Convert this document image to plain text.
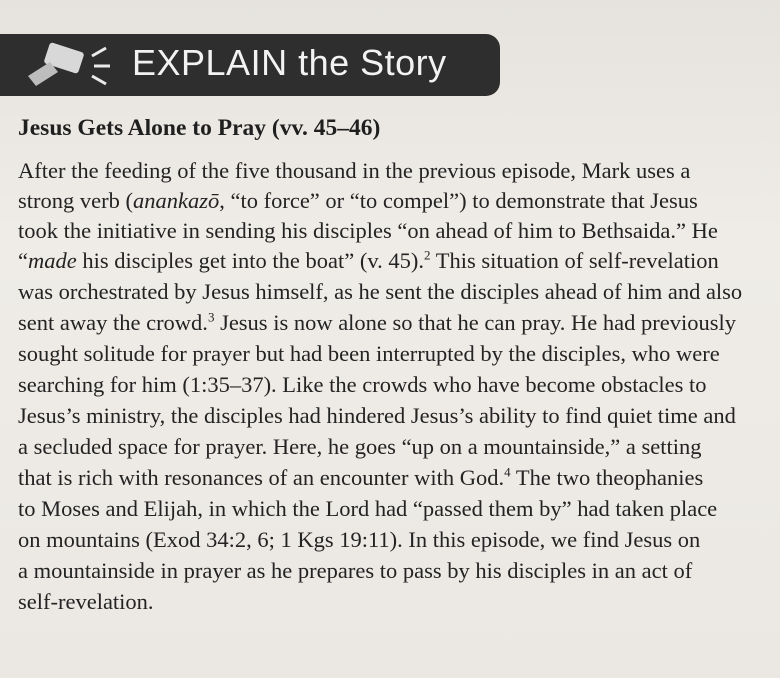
EXPLAIN the Story
Jesus Gets Alone to Pray (vv. 45–46)
After the feeding of the five thousand in the previous episode, Mark uses a
strong verb (anankazō, “to force” or “to compel”) to demonstrate that Jesus
took the initiative in sending his disciples “on ahead of him to Bethsaida.” He
“made his disciples get into the boat” (v. 45).$^2$ This situation of self-revelation
was orchestrated by Jesus himself, as he sent the disciples ahead of him and also
sent away the crowd.$^3$ Jesus is now alone so that he can pray. He had previously
sought solitude for prayer but had been interrupted by the disciples, who were
searching for him (1:35–37). Like the crowds who have become obstacles to
Jesus’s ministry, the disciples had hindered Jesus’s ability to find quiet time and
a secluded space for prayer. Here, he goes “up on a mountainside,” a setting
that is rich with resonances of an encounter with God.$^4$ The two theophanies
to Moses and Elijah, in which the Lord had “passed them by” had taken place
on mountains (Exod 34:2, 6; 1 Kgs 19:11). In this episode, we find Jesus on
a mountainside in prayer as he prepares to pass by his disciples in an act of
self-revelation.
